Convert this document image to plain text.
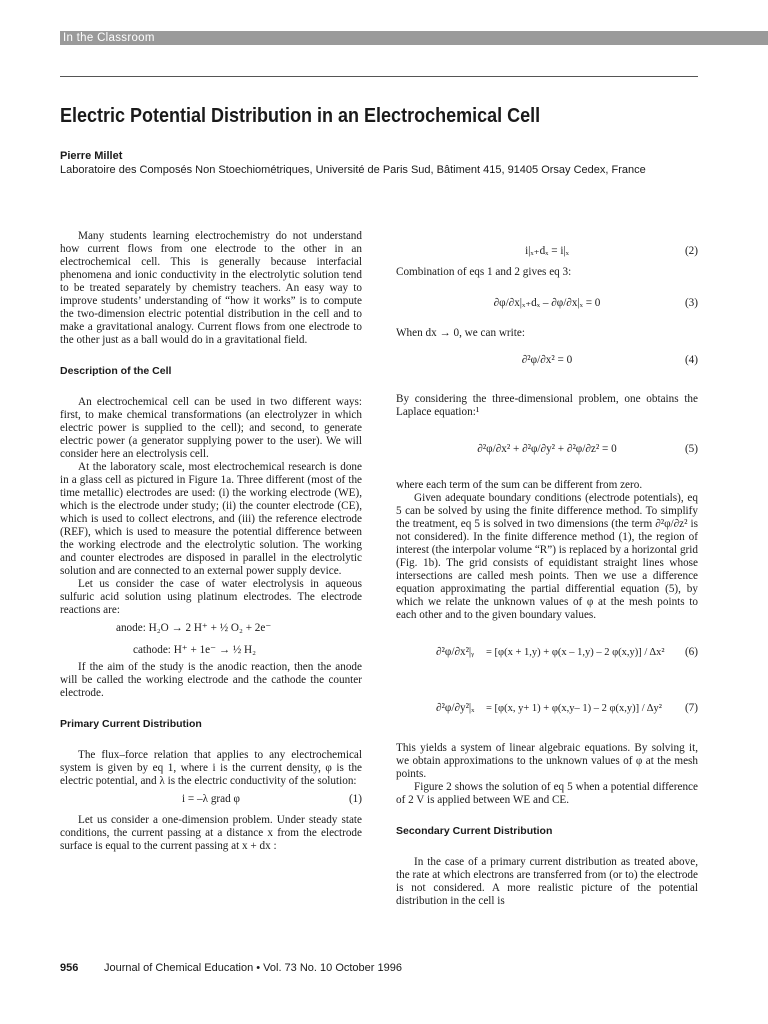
In the Classroom
Electric Potential Distribution in an Electrochemical Cell
Pierre Millet
Laboratoire des Composés Non Stoechiométriques, Université de Paris Sud, Bâtiment 415, 91405 Orsay Cedex, France

Many students learning electrochemistry do not understand how current flows from one electrode to the other in an electrochemical cell. This is generally because interfacial phenomena and ionic conductivity in the electrolytic solution tend to be treated separately by chemistry teachers. An easy way to improve students’ understanding of “how it works” is to compute the two-dimension electric potential distribution in the cell and to make a gravitational analogy. Current flows from one electrode to the other just as a ball would do in a gravitational field.

Description of the Cell

An electrochemical cell can be used in two different ways: first, to make chemical transformations (an electrolyzer in which electric power is supplied to the cell); and second, to generate electric power (a generator supplying power to the user). We will consider here an electrolysis cell.

At the laboratory scale, most electrochemical research is done in a glass cell as pictured in Figure 1a. Three different (most of the time metallic) electrodes are used: (i) the working electrode (WE), which is the electrode under study; (ii) the counter electrode (CE), which is used to collect electrons, and (iii) the reference electrode (REF), which is used to measure the potential difference between the working electrode and the electrolytic solution. The working and counter electrodes are disposed in parallel in the electrolytic solution and are connected to an external power supply device.

Let us consider the case of water electrolysis in aqueous sulfuric acid solution using platinum electrodes. The electrode reactions are:

anode: H₂O → 2 H⁺ + ½ O₂ + 2e⁻
cathode: H⁺ + 1e⁻ → ½ H₂

If the aim of the study is the anodic reaction, then the anode will be called the working electrode and the cathode the counter electrode.

Primary Current Distribution

The flux–force relation that applies to any electrochemical system is given by eq 1, where i is the current density, φ is the electric potential, and λ is the electric conductivity of the solution:

i = –λ grad φ	(1)

Let us consider a one-dimension problem. Under steady state conditions, the current passing at a distance x from the electrode surface is equal to the current passing at x + dx :

i|ₓ₊dₓ = i|ₓ	(2)

Combination of eqs 1 and 2 gives eq 3:

∂φ/∂x|ₓ₊dₓ – ∂φ/∂x|ₓ = 0	(3)

When dx → 0, we can write:

∂²φ/∂x² = 0	(4)

By considering the three-dimensional problem, one obtains the Laplace equation:¹

∂²φ/∂x² + ∂²φ/∂y² + ∂²φ/∂z² = 0	(5)

where each term of the sum can be different from zero.

Given adequate boundary conditions (electrode potentials), eq 5 can be solved by using the finite difference method. To simplify the treatment, eq 5 is solved in two dimensions (the term ∂²φ/∂z² is not considered). In the finite difference method (1), the region of interest (the interpolar volume “R”) is replaced by a horizontal grid (Fig. 1b). The grid consists of equidistant straight lines whose intersections are called mesh points. Then we use a difference equation approximating the partial differential equation (5), by which we relate the unknown values of φ at the mesh points to each other and to the given boundary values.

∂²φ/∂x²|ᵧ	= [φ(x + 1,y) + φ(x – 1,y) – 2 φ(x,y)] / Δx²	(6)
∂²φ/∂y²|ₓ	= [φ(x, y+ 1) + φ(x,y– 1) – 2 φ(x,y)] / Δy²	(7)

This yields a system of linear algebraic equations. By solving it, we obtain approximations to the unknown values of φ at the mesh points.

Figure 2 shows the solution of eq 5 when a potential difference of 2 V is applied between WE and CE.

Secondary Current Distribution

In the case of a primary current distribution as treated above, the rate at which electrons are transferred from (or to) the electrode is not considered. A more realistic picture of the potential distribution in the cell is

956 Journal of Chemical Education • Vol. 73 No. 10 October 1996
